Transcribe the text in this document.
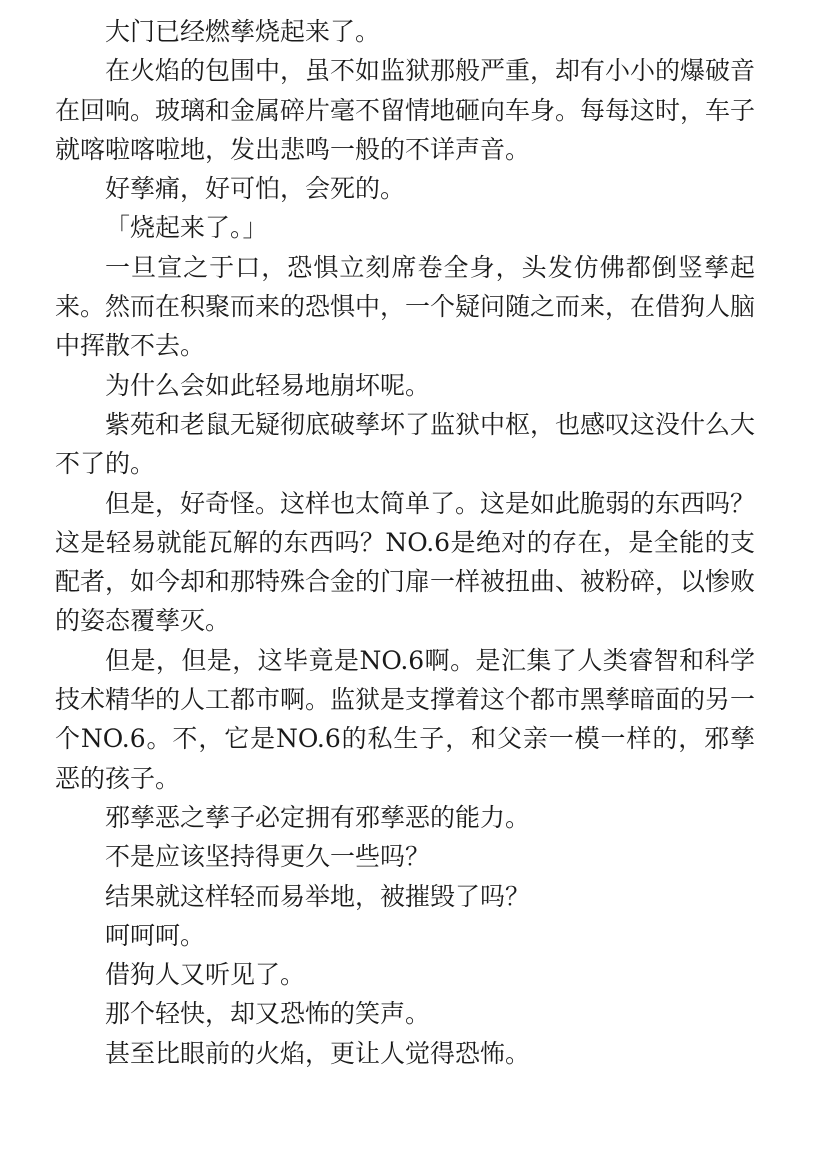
大门已经燃孳烧起来了。

在火焰的包围中，虽不如监狱那般严重，却有小小的爆破音在回响。玻璃和金属碎片毫不留情地砸向车身。每每这时，车子就喀啦喀啦地，发出悲鸣一般的不详声音。

好孳痛，好可怕，会死的。

「烧起来了。」

一旦宣之于口，恐惧立刻席卷全身，头发仿佛都倒竖孳起来。然而在积聚而来的恐惧中，一个疑问随之而来，在借狗人脑中挥散不去。

为什么会如此轻易地崩坏呢。

紫苑和老鼠无疑彻底破孳坏了监狱中枢，也感叹这没什么大不了的。

但是，好奇怪。这样也太简单了。这是如此脆弱的东西吗？这是轻易就能瓦解的东西吗？NO.6是绝对的存在，是全能的支配者，如今却和那特殊合金的门扉一样被扭曲、被粉碎，以惨败的姿态覆孳灭。

但是，但是，这毕竟是NO.6啊。是汇集了人类睿智和科学技术精华的人工都市啊。监狱是支撑着这个都市黑孳暗面的另一个NO.6。不，它是NO.6的私生子，和父亲一模一样的，邪孳恶的孩子。

邪孳恶之孳子必定拥有邪孳恶的能力。

不是应该坚持得更久一些吗？

结果就这样轻而易举地，被摧毁了吗？

呵呵呵。

借狗人又听见了。

那个轻快，却又恐怖的笑声。

甚至比眼前的火焰，更让人觉得恐怖。
